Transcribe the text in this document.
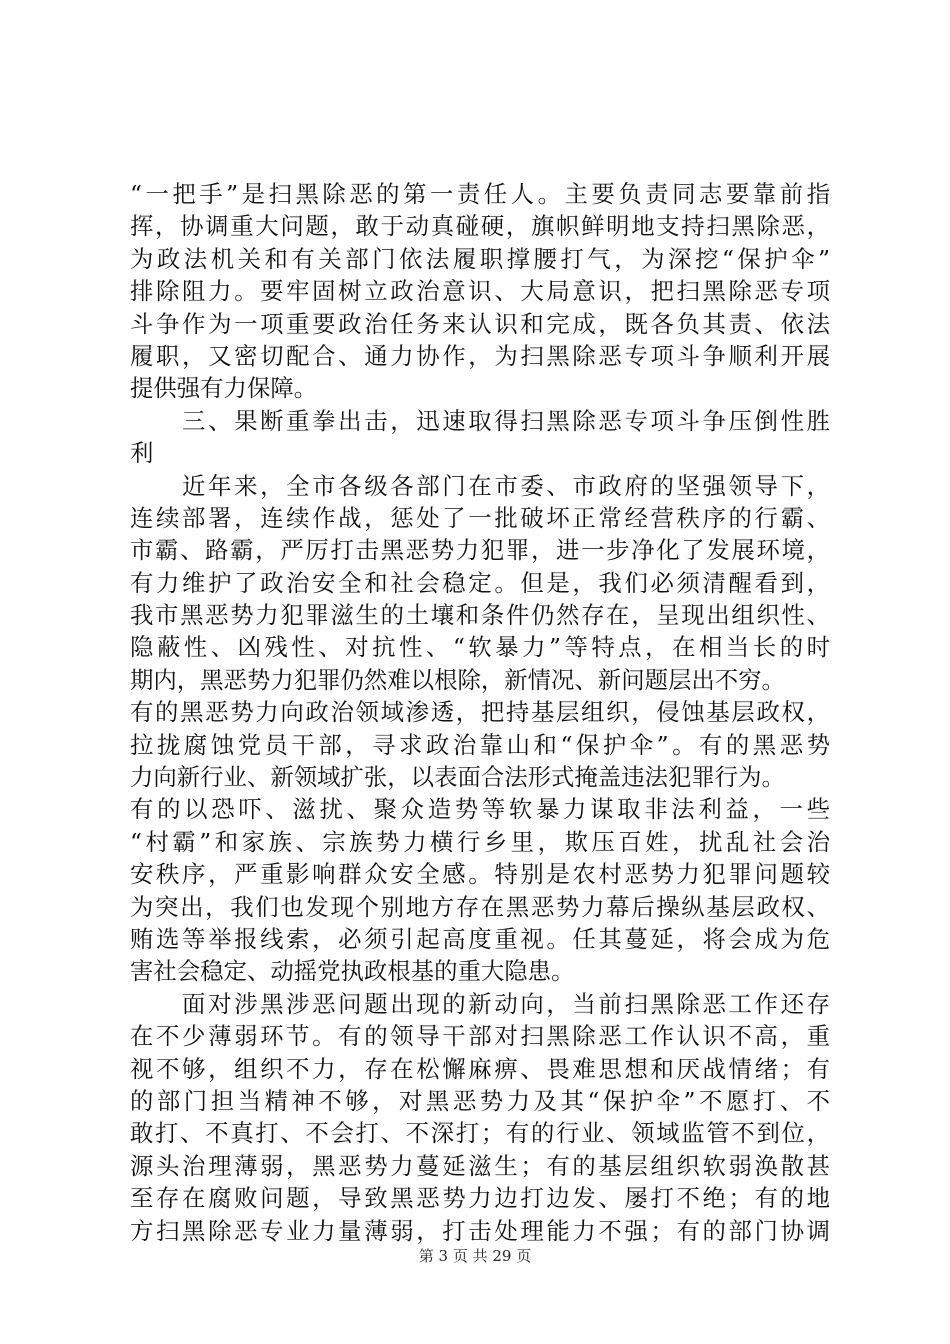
“一把手”是扫黑除恶的第一责任人。主要负责同志要靠前指
挥，协调重大问题，敢于动真碰硬，旗帜鲜明地支持扫黑除恶，
为政法机关和有关部门依法履职撑腰打气，为深挖“保护伞”
排除阻力。要牢固树立政治意识、大局意识，把扫黑除恶专项
斗争作为一项重要政治任务来认识和完成，既各负其责、依法
履职，又密切配合、通力协作，为扫黑除恶专项斗争顺利开展
提供强有力保障。
　　三、果断重拳出击，迅速取得扫黑除恶专项斗争压倒性胜
利
　　近年来，全市各级各部门在市委、市政府的坚强领导下，
连续部署，连续作战，惩处了一批破坏正常经营秩序的行霸、
市霸、路霸，严厉打击黑恶势力犯罪，进一步净化了发展环境，
有力维护了政治安全和社会稳定。但是，我们必须清醒看到，
我市黑恶势力犯罪滋生的土壤和条件仍然存在，呈现出组织性、
隐蔽性、凶残性、对抗性、“软暴力”等特点，在相当长的时
期内，黑恶势力犯罪仍然难以根除，新情况、新问题层出不穷。
有的黑恶势力向政治领域渗透，把持基层组织，侵蚀基层政权，
拉拢腐蚀党员干部，寻求政治靠山和“保护伞”。有的黑恶势
力向新行业、新领域扩张，以表面合法形式掩盖违法犯罪行为。
有的以恐吓、滋扰、聚众造势等软暴力谋取非法利益，一些
“村霸”和家族、宗族势力横行乡里，欺压百姓，扰乱社会治
安秩序，严重影响群众安全感。特别是农村恶势力犯罪问题较
为突出，我们也发现个别地方存在黑恶势力幕后操纵基层政权、
贿选等举报线索，必须引起高度重视。任其蔓延，将会成为危
害社会稳定、动摇党执政根基的重大隐患。
　　面对涉黑涉恶问题出现的新动向，当前扫黑除恶工作还存
在不少薄弱环节。有的领导干部对扫黑除恶工作认识不高，重
视不够，组织不力，存在松懈麻痹、畏难思想和厌战情绪；有
的部门担当精神不够，对黑恶势力及其“保护伞”不愿打、不
敢打、不真打、不会打、不深打；有的行业、领域监管不到位，
源头治理薄弱，黑恶势力蔓延滋生；有的基层组织软弱涣散甚
至存在腐败问题，导致黑恶势力边打边发、屡打不绝；有的地
方扫黑除恶专业力量薄弱，打击处理能力不强；有的部门协调
第 3 页 共 29 页
